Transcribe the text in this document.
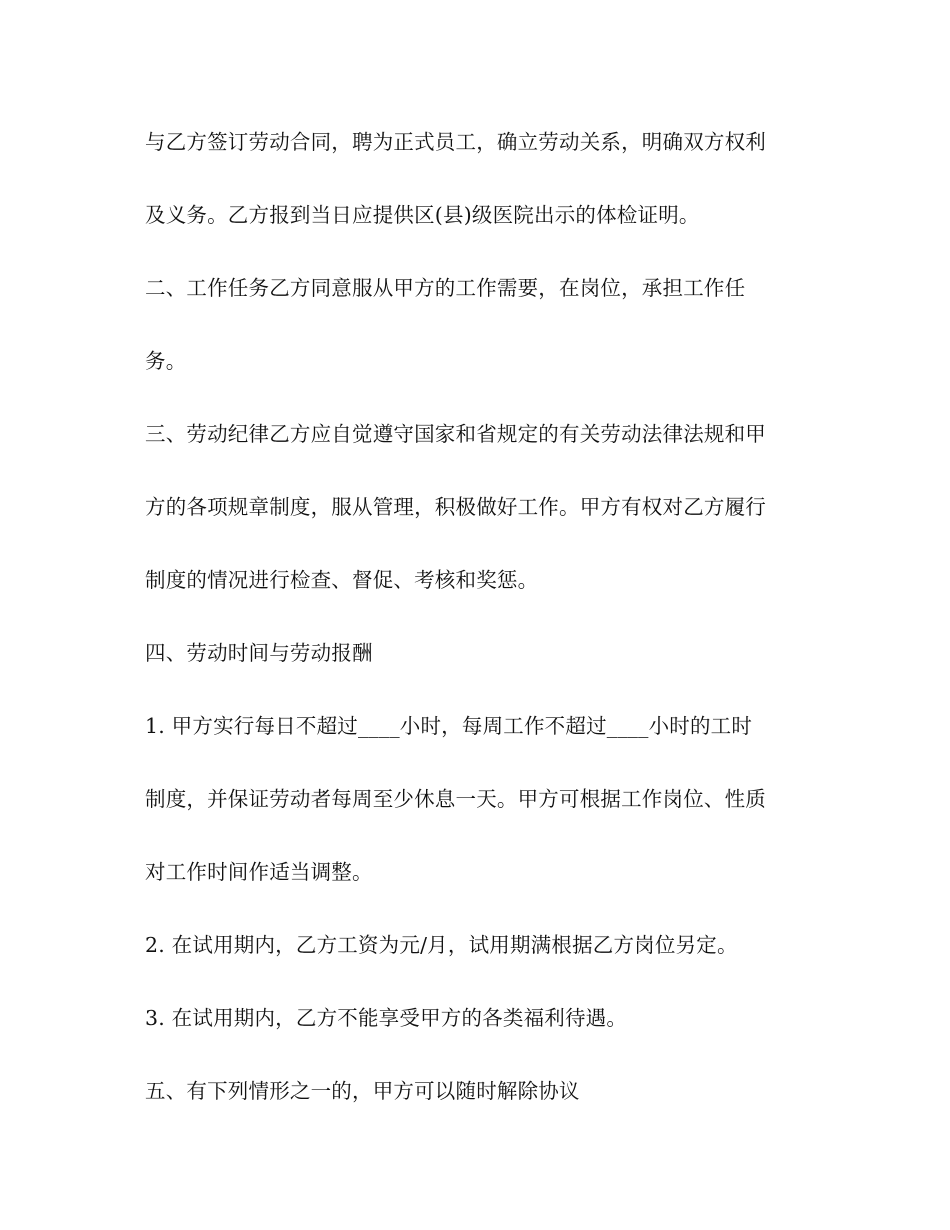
与乙方签订劳动合同，聘为正式员工，确立劳动关系，明确双方权利
及义务。乙方报到当日应提供区(县)级医院出示的体检证明。
二、工作任务乙方同意服从甲方的工作需要，在岗位，承担工作任
务。
三、劳动纪律乙方应自觉遵守国家和省规定的有关劳动法律法规和甲
方的各项规章制度，服从管理，积极做好工作。甲方有权对乙方履行
制度的情况进行检查、督促、考核和奖惩。
四、劳动时间与劳动报酬
1. 甲方实行每日不超过____小时，每周工作不超过____小时的工时
制度，并保证劳动者每周至少休息一天。甲方可根据工作岗位、性质
对工作时间作适当调整。
2. 在试用期内，乙方工资为元/月，试用期满根据乙方岗位另定。
3. 在试用期内，乙方不能享受甲方的各类福利待遇。
五、有下列情形之一的，甲方可以随时解除协议
